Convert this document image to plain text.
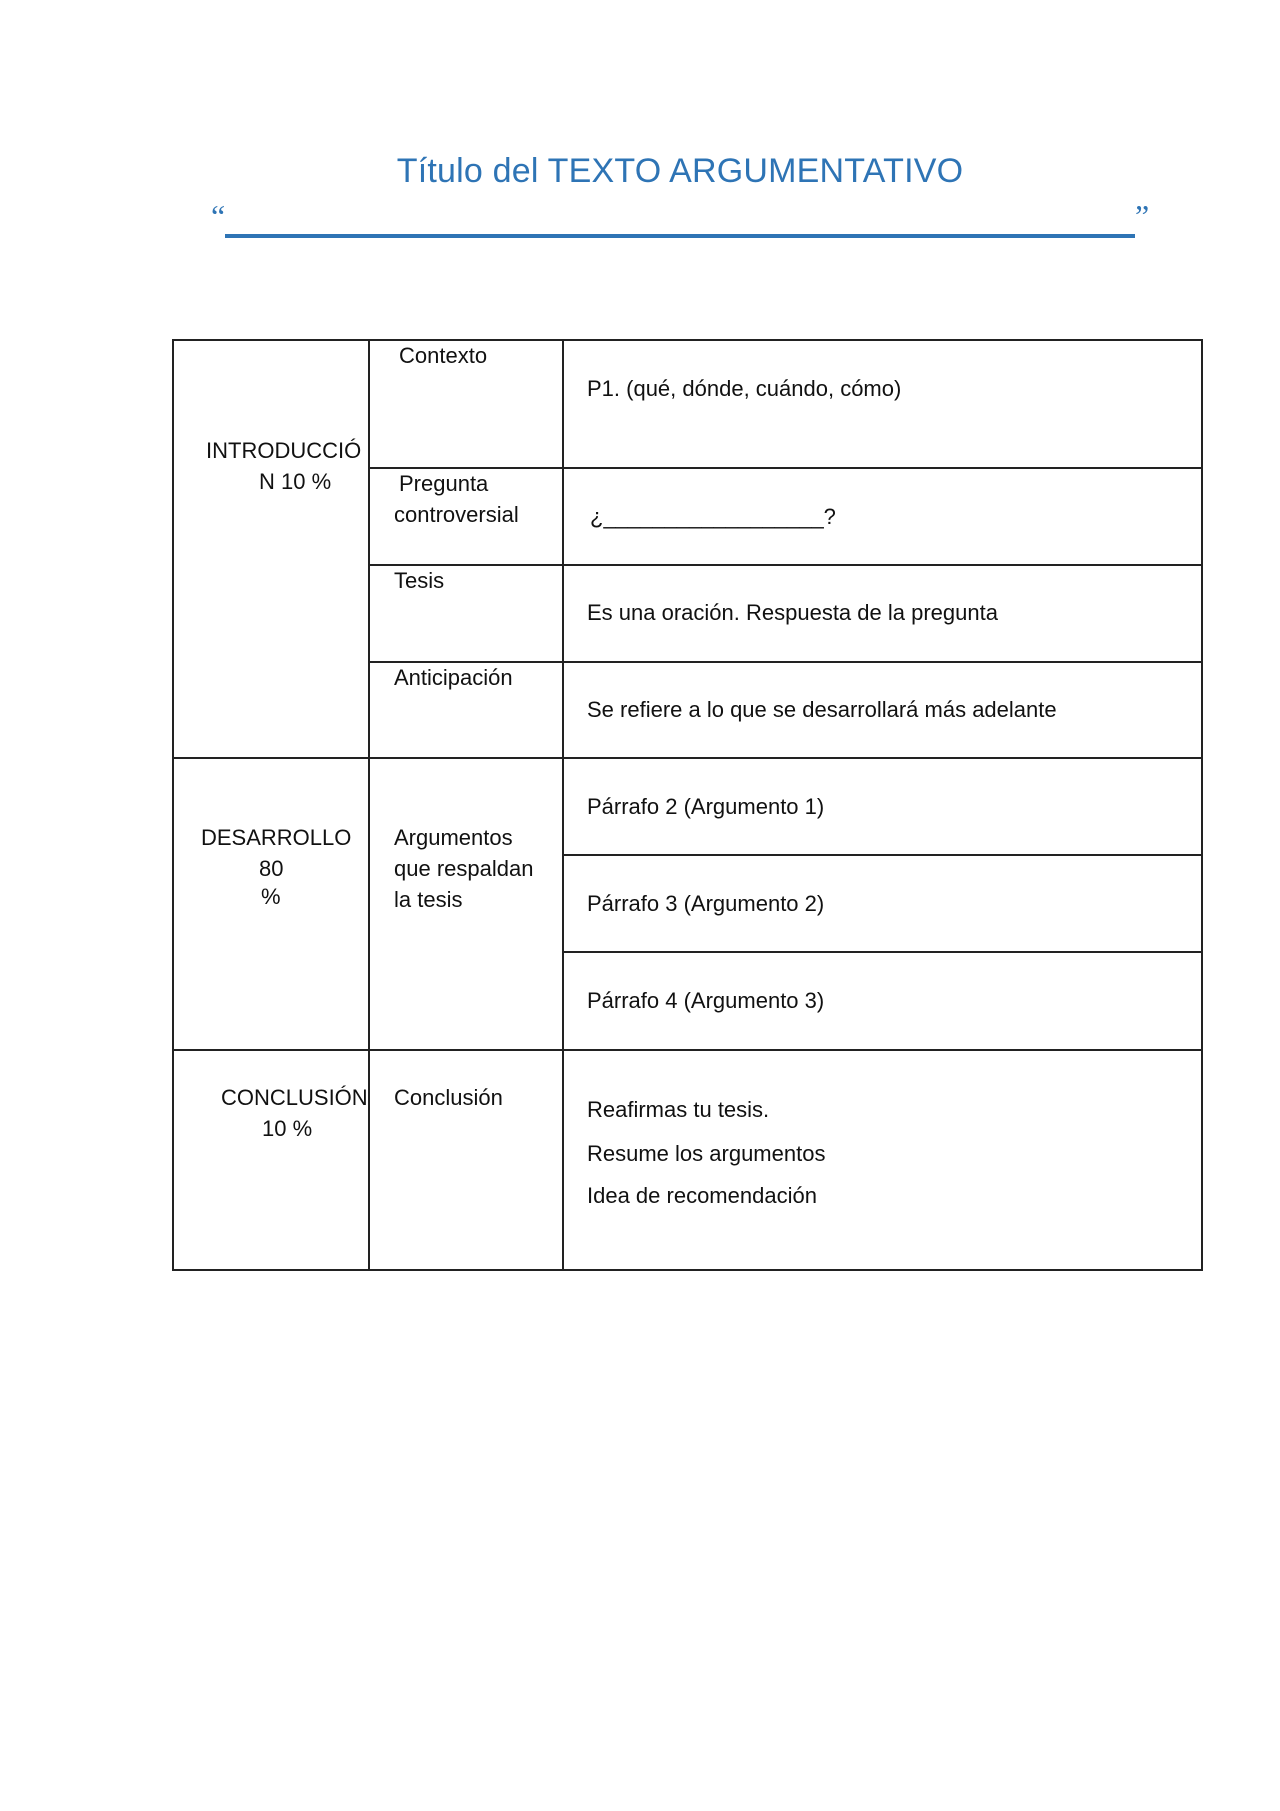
Título del TEXTO ARGUMENTATIVO
“	”
INTRODUCCIÓ
N 10 %
DESARROLLO
80
%
CONCLUSIÓN
10 %
Contexto
Pregunta
controversial
Tesis
Anticipación
Argumentos
que respaldan
la tesis
Conclusión
P1. (qué, dónde, cuándo, cómo)
¿__________________?
Es una oración. Respuesta de la pregunta
Se refiere a lo que se desarrollará más adelante
Párrafo 2 (Argumento 1)
Párrafo 3 (Argumento 2)
Párrafo 4 (Argumento 3)
Reafirmas tu tesis.
Resume los argumentos
Idea de recomendación
